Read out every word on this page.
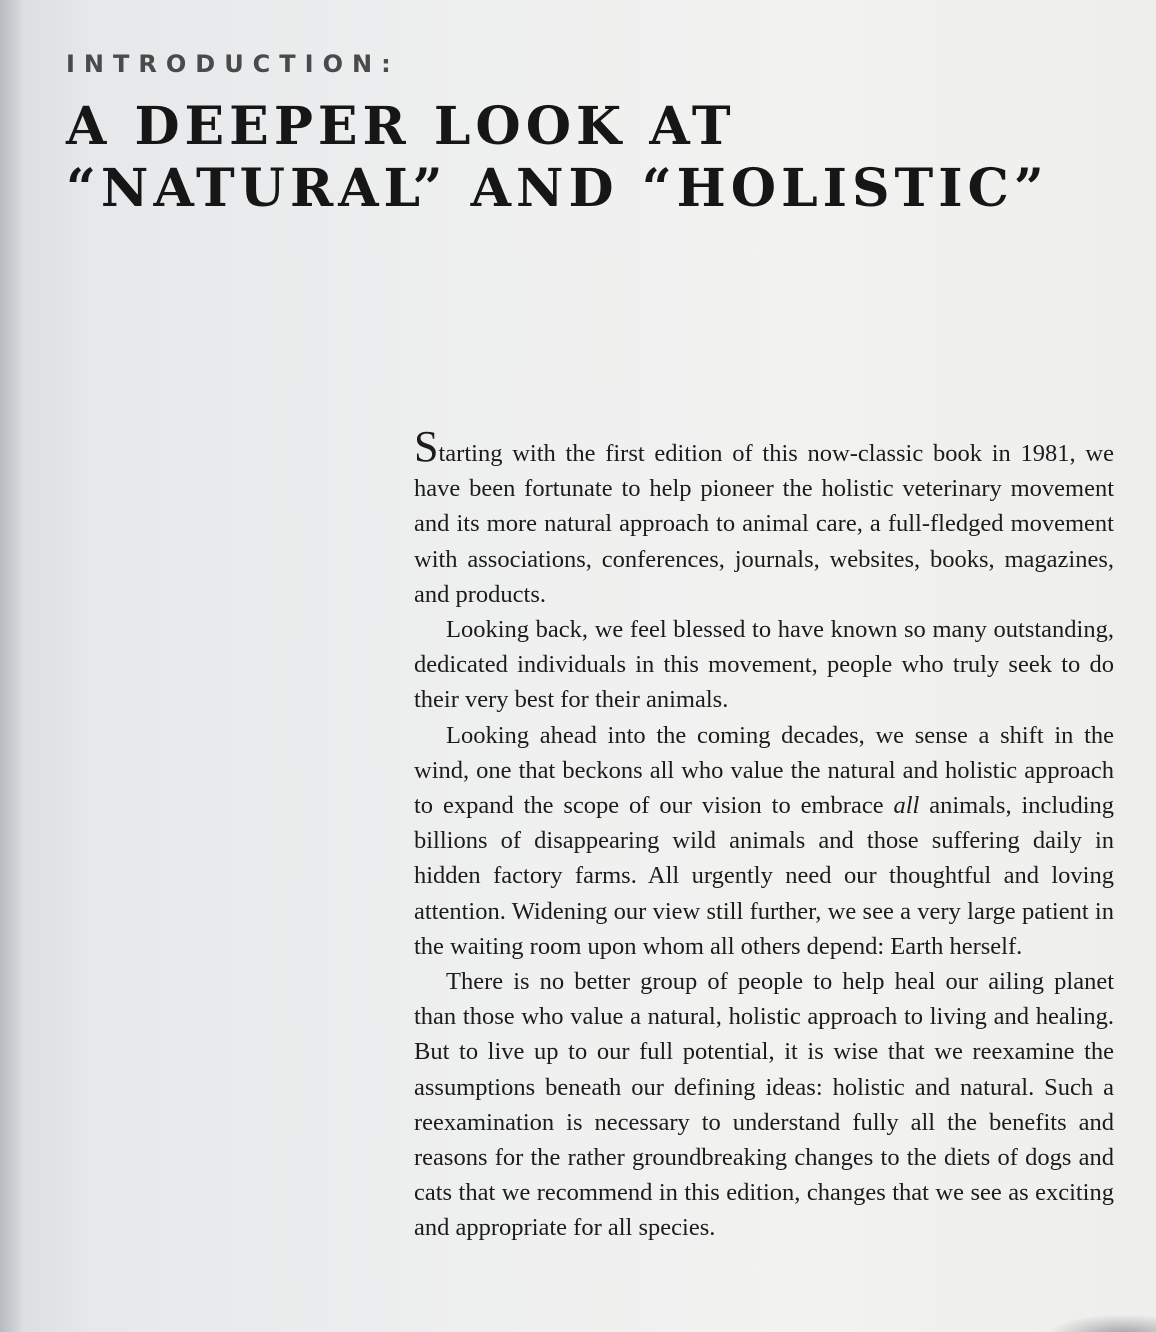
INTRODUCTION:
A DEEPER LOOK AT
“NATURAL” AND “HOLISTIC”

Starting with the first edition of this now-classic book in 1981, we have been fortunate to help pioneer the holistic veterinary movement and its more natural approach to animal care, a full-fledged movement with associations, conferences, journals, websites, books, magazines, and products.

Looking back, we feel blessed to have known so many outstanding, dedicated individuals in this movement, people who truly seek to do their very best for their animals.

Looking ahead into the coming decades, we sense a shift in the wind, one that beckons all who value the natural and holistic approach to expand the scope of our vision to embrace all animals, including billions of disappearing wild animals and those suffering daily in hidden factory farms. All urgently need our thoughtful and loving attention. Widening our view still further, we see a very large patient in the waiting room upon whom all others depend: Earth herself.

There is no better group of people to help heal our ailing planet than those who value a natural, holistic approach to living and healing. But to live up to our full potential, it is wise that we reexamine the assumptions beneath our defining ideas: holistic and natural. Such a reexamination is necessary to understand fully all the benefits and reasons for the rather groundbreaking changes to the diets of dogs and cats that we recommend in this edition, changes that we see as exciting and appropriate for all species.
